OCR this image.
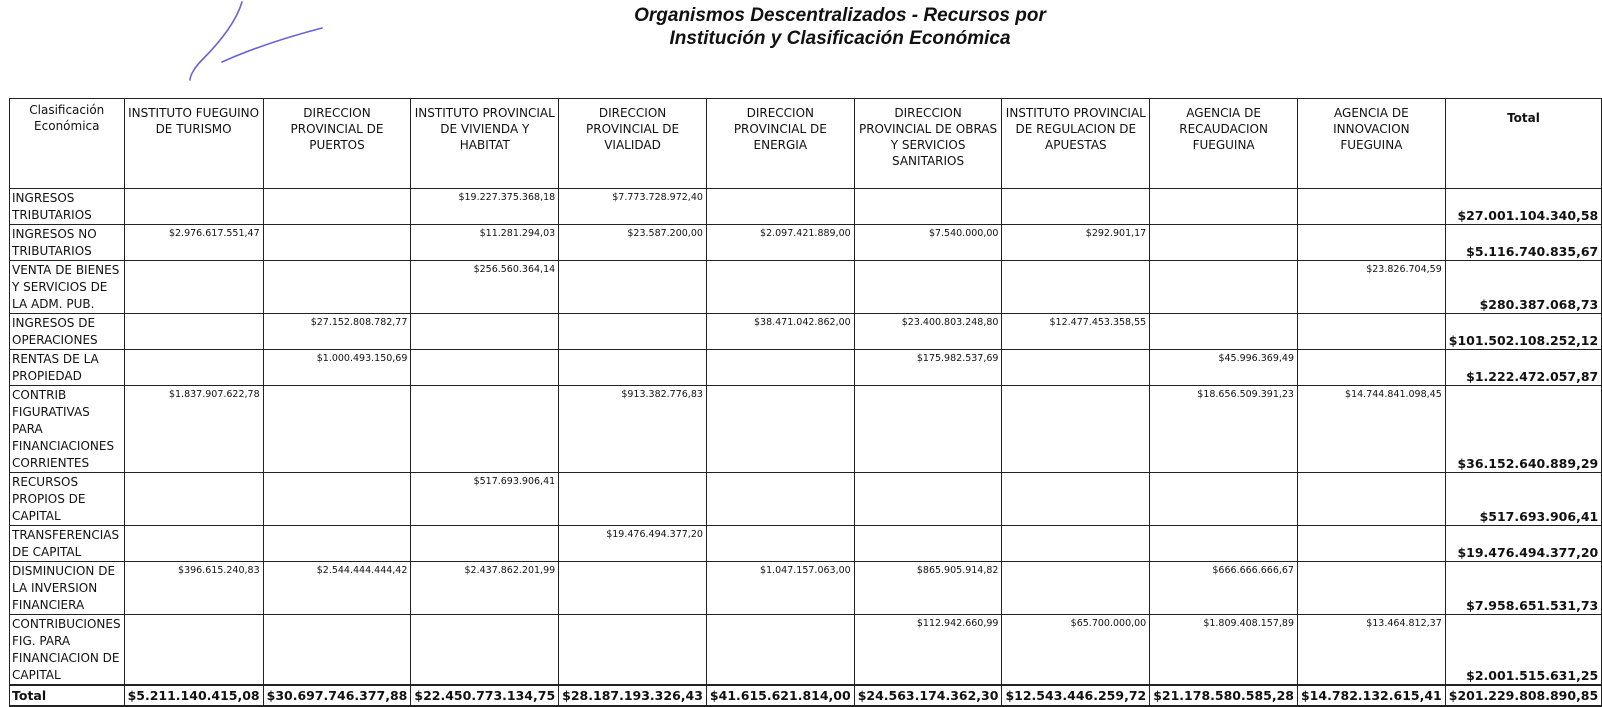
Organismos Descentralizados - Recursos por
Institución y Clasificación Económica
Clasificación Económica	INSTITUTO FUEGUINO DE TURISMO	DIRECCION PROVINCIAL DE PUERTOS	INSTITUTO PROVINCIAL DE VIVIENDA Y HABITAT	DIRECCION PROVINCIAL DE VIALIDAD	DIRECCION PROVINCIAL DE ENERGIA	DIRECCION PROVINCIAL DE OBRAS Y SERVICIOS SANITARIOS	INSTITUTO PROVINCIAL DE REGULACION DE APUESTAS	AGENCIA DE RECAUDACION FUEGUINA	AGENCIA DE INNOVACION FUEGUINA	Total
INGRESOS TRIBUTARIOS			$19.227.375.368,18	$7.773.728.972,40						$27.001.104.340,58
INGRESOS NO TRIBUTARIOS	$2.976.617.551,47		$11.281.294,03	$23.587.200,00	$2.097.421.889,00	$7.540.000,00	$292.901,17			$5.116.740.835,67
VENTA DE BIENES Y SERVICIOS DE LA ADM. PUB.			$256.560.364,14						$23.826.704,59	$280.387.068,73
INGRESOS DE OPERACIONES		$27.152.808.782,77			$38.471.042.862,00	$23.400.803.248,80	$12.477.453.358,55			$101.502.108.252,12
RENTAS DE LA PROPIEDAD		$1.000.493.150,69				$175.982.537,69		$45.996.369,49		$1.222.472.057,87
CONTRIB FIGURATIVAS PARA FINANCIACIONES CORRIENTES	$1.837.907.622,78			$913.382.776,83				$18.656.509.391,23	$14.744.841.098,45	$36.152.640.889,29
RECURSOS PROPIOS DE CAPITAL			$517.693.906,41							$517.693.906,41
TRANSFERENCIAS DE CAPITAL				$19.476.494.377,20						$19.476.494.377,20
DISMINUCION DE LA INVERSION FINANCIERA	$396.615.240,83	$2.544.444.444,42	$2.437.862.201,99		$1.047.157.063,00	$865.905.914,82		$666.666.666,67		$7.958.651.531,73
CONTRIBUCIONES FIG. PARA FINANCIACION DE CAPITAL						$112.942.660,99	$65.700.000,00	$1.809.408.157,89	$13.464.812,37	$2.001.515.631,25
Total	$5.211.140.415,08	$30.697.746.377,88	$22.450.773.134,75	$28.187.193.326,43	$41.615.621.814,00	$24.563.174.362,30	$12.543.446.259,72	$21.178.580.585,28	$14.782.132.615,41	$201.229.808.890,85
